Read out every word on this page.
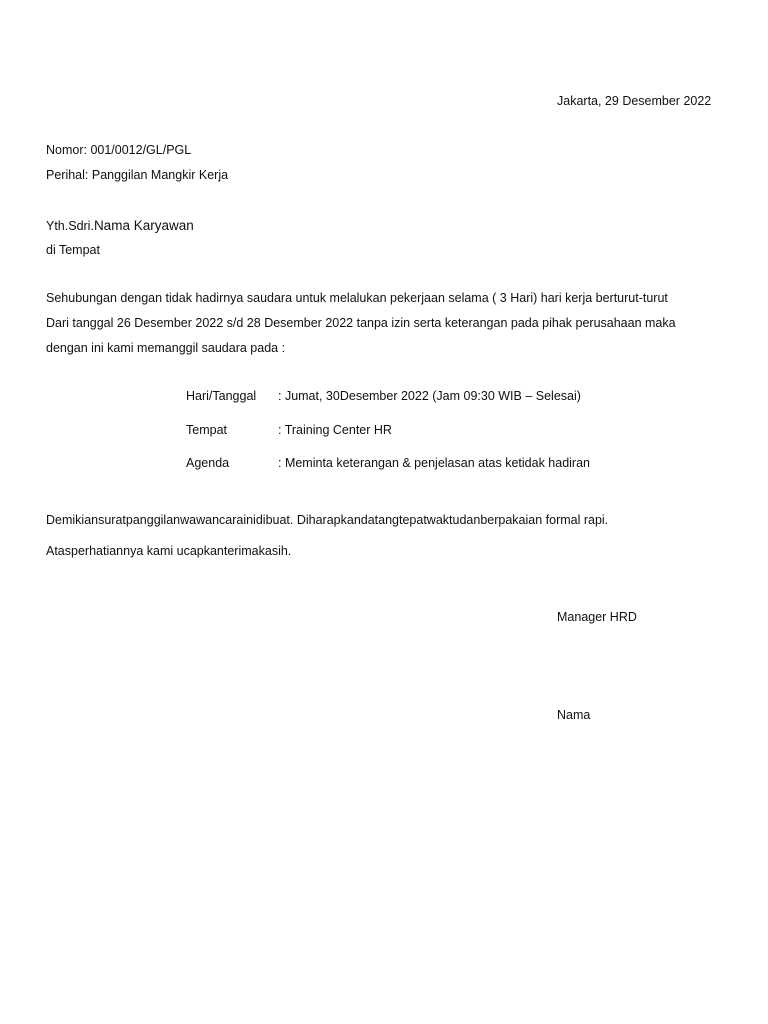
Jakarta, 29 Desember 2022
Nomor: 001/0012/GL/PGL
Perihal: Panggilan Mangkir Kerja
Yth.Sdri.Nama Karyawan
di Tempat
Sehubungan dengan tidak hadirnya saudara untuk melalukan pekerjaan selama ( 3 Hari) hari kerja berturut-turut
Dari tanggal 26 Desember 2022 s/d 28 Desember 2022 tanpa izin serta keterangan pada pihak perusahaan maka
dengan ini kami memanggil saudara pada :
Hari/Tanggal : Jumat, 30Desember 2022 (Jam 09:30 WIB – Selesai)
Tempat	: Training Center HR
Agenda	: Meminta keterangan & penjelasan atas ketidak hadiran
Demikiansuratpanggilanwawancarainidibuat. Diharapkandatangtepatwaktudanberpakaian formal rapi.
Atasperhatiannya kami ucapkanterimakasih.
Manager HRD
Nama
